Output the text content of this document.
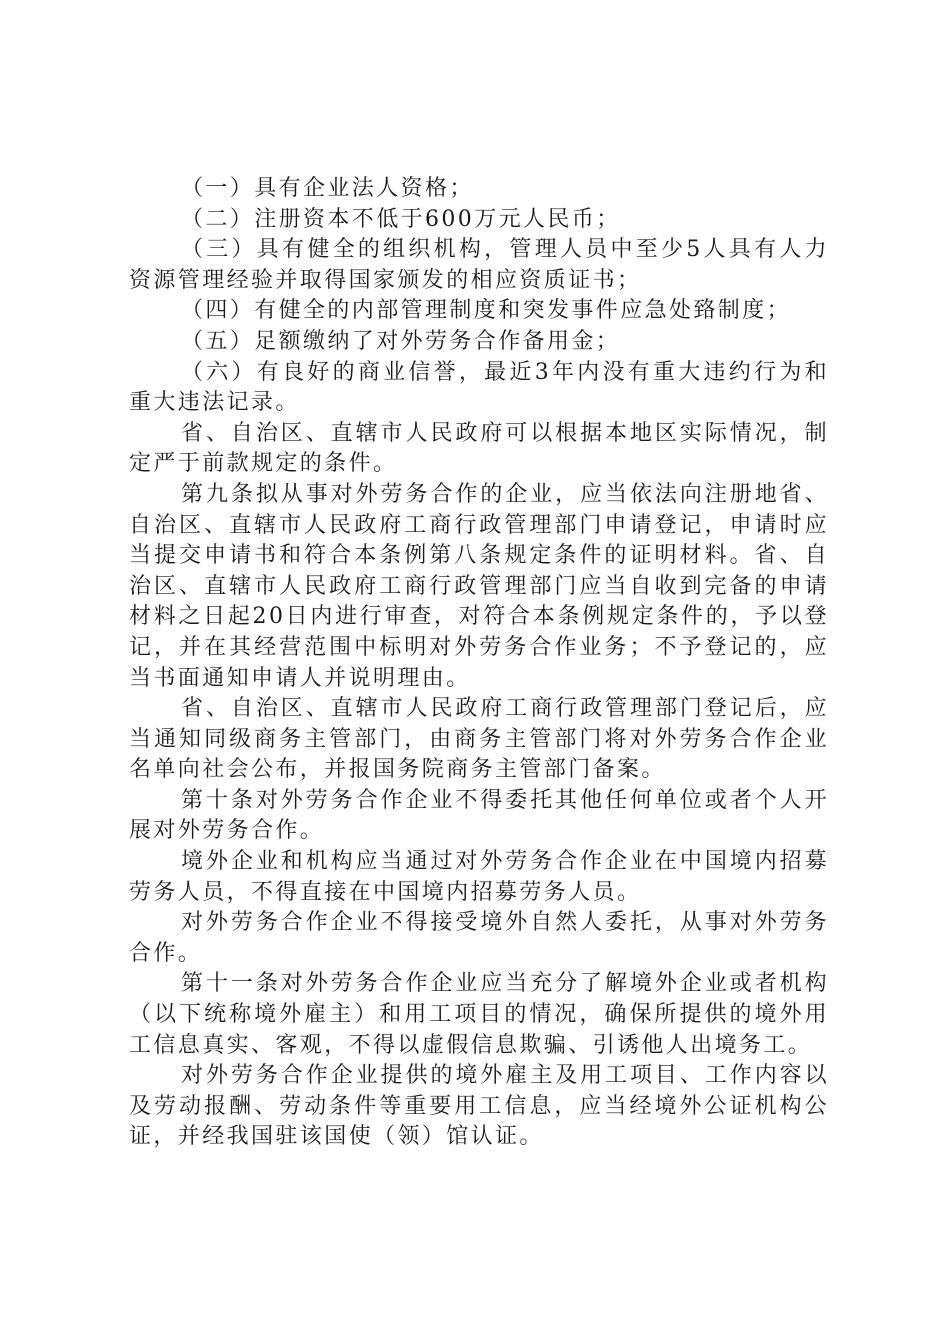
（一）具有企业法人资格；

（二）注册资本不低于600万元人民币；

（三）具有健全的组织机构，管理人员中至少5人具有人力资源管理经验并取得国家颁发的相应资质证书；

（四）有健全的内部管理制度和突发事件应急处臵制度；

（五）足额缴纳了对外劳务合作备用金；

（六）有良好的商业信誉，最近3年内没有重大违约行为和重大违法记录。

省、自治区、直辖市人民政府可以根据本地区实际情况，制定严于前款规定的条件。

第九条拟从事对外劳务合作的企业，应当依法向注册地省、自治区、直辖市人民政府工商行政管理部门申请登记，申请时应当提交申请书和符合本条例第八条规定条件的证明材料。省、自治区、直辖市人民政府工商行政管理部门应当自收到完备的申请材料之日起20日内进行审查，对符合本条例规定条件的，予以登记，并在其经营范围中标明对外劳务合作业务；不予登记的，应当书面通知申请人并说明理由。

省、自治区、直辖市人民政府工商行政管理部门登记后，应当通知同级商务主管部门，由商务主管部门将对外劳务合作企业名单向社会公布，并报国务院商务主管部门备案。

第十条对外劳务合作企业不得委托其他任何单位或者个人开展对外劳务合作。

境外企业和机构应当通过对外劳务合作企业在中国境内招募劳务人员，不得直接在中国境内招募劳务人员。

对外劳务合作企业不得接受境外自然人委托，从事对外劳务合作。

第十一条对外劳务合作企业应当充分了解境外企业或者机构（以下统称境外雇主）和用工项目的情况，确保所提供的境外用工信息真实、客观，不得以虚假信息欺骗、引诱他人出境务工。

对外劳务合作企业提供的境外雇主及用工项目、工作内容以及劳动报酬、劳动条件等重要用工信息，应当经境外公证机构公证，并经我国驻该国使（领）馆认证。
